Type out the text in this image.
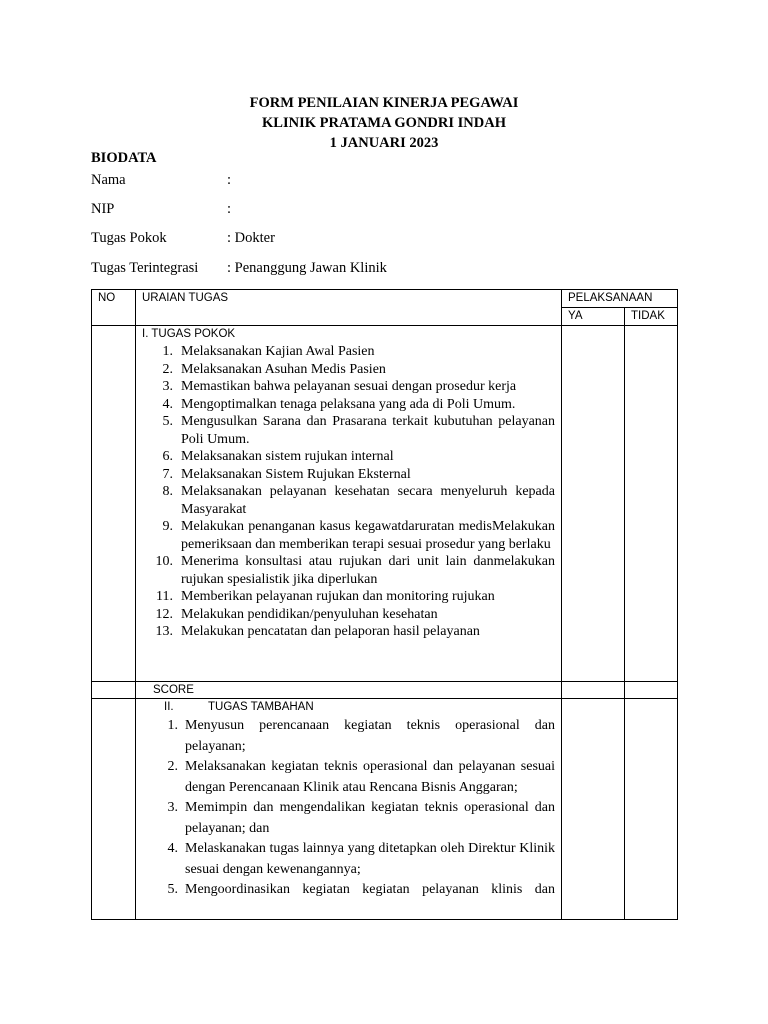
FORM PENILAIAN KINERJA PEGAWAI
KLINIK PRATAMA GONDRI INDAH
1 JANUARI 2023
BIODATA
Nama	:
NIP	:
Tugas Pokok	: Dokter
Tugas Terintegrasi : Penanggung Jawan Klinik
NO URAIAN TUGAS	PELAKSANAAN
YA	TIDAK
I. TUGAS POKOK
1. Melaksanakan Kajian Awal Pasien
2. Melaksanakan Asuhan Medis Pasien
3. Memastikan bahwa pelayanan sesuai dengan prosedur kerja
4. Mengoptimalkan tenaga pelaksana yang ada di Poli Umum.
5. Mengusulkan Sarana dan Prasarana terkait kubutuhan pelayanan Poli Umum.
6. Melaksanakan sistem rujukan internal
7. Melaksanakan Sistem Rujukan Eksternal
8. Melaksanakan pelayanan kesehatan secara menyeluruh kepada Masyarakat
9. Melakukan penanganan kasus kegawatdaruratan medisMelakukan pemeriksaan dan memberikan terapi sesuai prosedur yang berlaku
10. Menerima konsultasi atau rujukan dari unit lain danmelakukan rujukan spesialistik jika diperlukan
11. Memberikan pelayanan rujukan dan monitoring rujukan
12. Melakukan pendidikan/penyuluhan kesehatan
13. Melakukan pencatatan dan pelaporan hasil pelayanan
SCORE
II.	TUGAS TAMBAHAN
1. Menyusun perencanaan kegiatan teknis operasional dan pelayanan;
2. Melaksanakan kegiatan teknis operasional dan pelayanan sesuai dengan Perencanaan Klinik atau Rencana Bisnis Anggaran;
3. Memimpin dan mengendalikan kegiatan teknis operasional dan pelayanan; dan
4. Melaskanakan tugas lainnya yang ditetapkan oleh Direktur Klinik sesuai dengan kewenangannya;
5. Mengoordinasikan kegiatan kegiatan pelayanan klinis dan
